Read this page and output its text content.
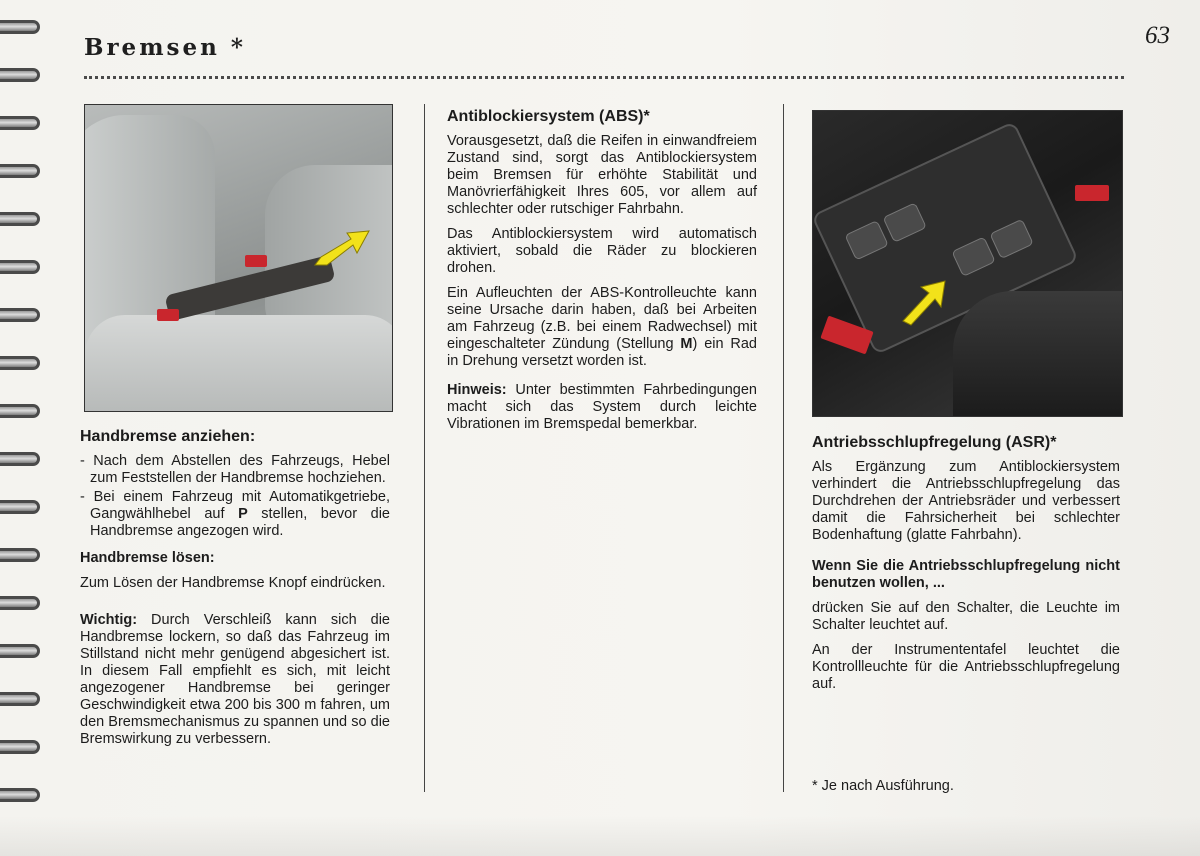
Bremsen *	63

Handbremse anziehen:

- Nach dem Abstellen des Fahrzeugs, Hebel zum Feststellen der Handbremse hochziehen.
- Bei einem Fahrzeug mit Automatikgetriebe, Gangwählhebel auf P stellen, bevor die Handbremse angezogen wird.

Handbremse lösen:

Zum Lösen der Handbremse Knopf eindrücken.

Wichtig: Durch Verschleiß kann sich die Handbremse lockern, so daß das Fahrzeug im Stillstand nicht mehr genügend abgesichert ist. In diesem Fall empfiehlt es sich, mit leicht angezogener Handbremse bei geringer Geschwindigkeit etwa 200 bis 300 m fahren, um den Bremsmechanismus zu spannen und so die Bremswirkung zu verbessern.

Antiblockiersystem (ABS)*

Vorausgesetzt, daß die Reifen in einwandfreiem Zustand sind, sorgt das Antiblockiersystem beim Bremsen für erhöhte Stabilität und Manövrierfähigkeit Ihres 605, vor allem auf schlechter oder rutschiger Fahrbahn.

Das Antiblockiersystem wird automatisch aktiviert, sobald die Räder zu blockieren drohen.

Ein Aufleuchten der ABS-Kontrolleuchte kann seine Ursache darin haben, daß bei Arbeiten am Fahrzeug (z.B. bei einem Radwechsel) mit eingeschalteter Zündung (Stellung M) ein Rad in Drehung versetzt worden ist.

Hinweis: Unter bestimmten Fahrbedingungen macht sich das System durch leichte Vibrationen im Bremspedal bemerkbar.

Antriebsschlupfregelung (ASR)*

Als Ergänzung zum Antiblockiersystem verhindert die Antriebsschlupfregelung das Durchdrehen der Antriebsräder und verbessert damit die Fahrsicherheit bei schlechter Bodenhaftung (glatte Fahrbahn).

Wenn Sie die Antriebsschlupfregelung nicht benutzen wollen, ...

drücken Sie auf den Schalter, die Leuchte im Schalter leuchtet auf.

An der Instrumententafel leuchtet die Kontrollleuchte für die Antriebsschlupfregelung auf.

* Je nach Ausführung.
